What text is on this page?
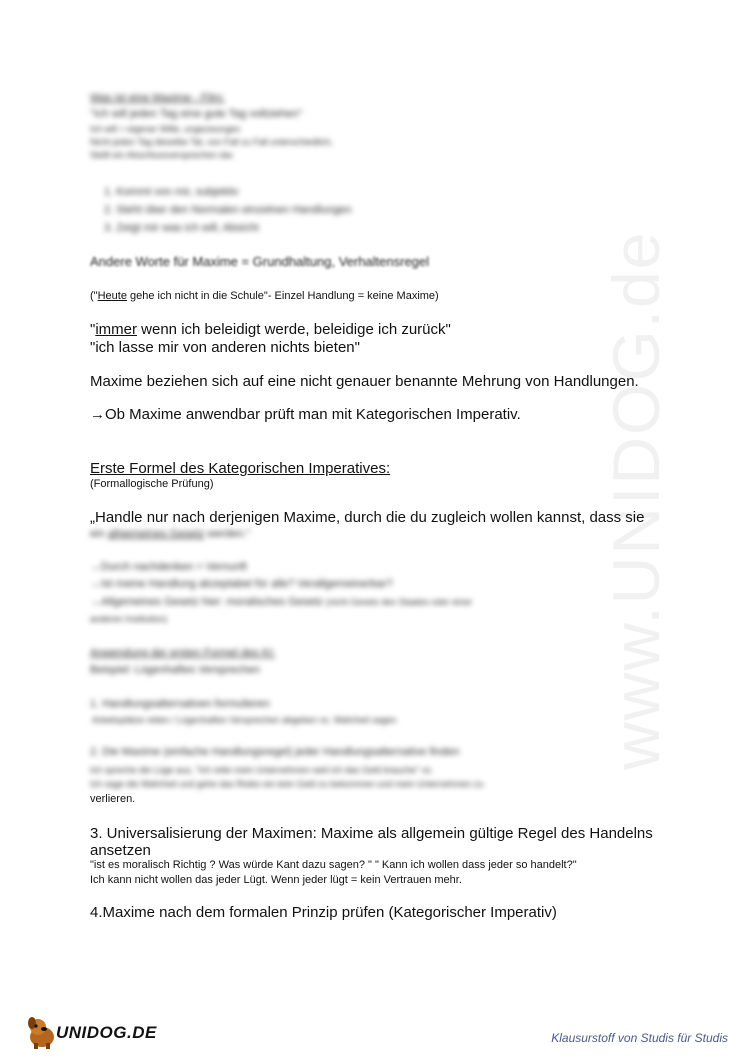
www.UNIDOG.de
Was ist eine Maxime - Film:
"Ich will jeden Tag eine gute Tag vollziehen"
Ich will = eigener Wille, ungezwungen
Nicht jeden Tag dieselbe Tat, von Fall zu Fall unterschiedlich,
Stellt ein Abschlussversprechen dar.
1. Kommt von mir, subjektiv
2. Steht über den Normalen einzelnen Handlungen
3. Zeigt mir was ich will, Absicht
Andere Worte für Maxime = Grundhaltung, Verhaltensregel
("Heute gehe ich nicht in die Schule"- Einzel Handlung = keine Maxime)
"immer wenn ich beleidigt werde, beleidige ich zurück"
"ich lasse mir von anderen nichts bieten"
Maxime beziehen sich auf eine nicht genauer benannte Mehrung von Handlungen.
→Ob Maxime anwendbar prüft man mit Kategorischen Imperativ.
Erste Formel des Kategorischen Imperatives:
(Formallogische Prüfung)
„Handle nur nach derjenigen Maxime, durch die du zugleich wollen kannst, dass sie
ein allgemeines Gesetz werden."
→Durch nachdenken = Vernunft
→Ist meine Handlung akzeptabel für alle? Verallgemeinerbar?
→Allgemeines Gesetz hier: moralisches Gesetz (nicht Gesetz des Staates oder einer
anderen Institution)
Anwendung der ersten Formel des KI:
Beispiel: Lügenhaftes Versprechen
1. Handlungsalternativen formulieren
Arbeitsplätze retten / Lügenhaftes Versprechen abgeben vs. Wahrheit sagen
2. Die Maxime (einfache Handlungsregel) jeder Handlungsalternative finden
Ich spreche die Lüge aus, "Ich rette mein Unternehmen weil ich das Geld brauche" vs.
Ich sage die Wahrheit und gehe das Risiko ein kein Geld zu bekommen und mein Unternehmen zu
verlieren.
3. Universalisierung der Maximen: Maxime als allgemein gültige Regel des Handelns
ansetzen
"ist es moralisch Richtig ? Was würde Kant dazu sagen? " " Kann ich wollen dass jeder so handelt?"
Ich kann nicht wollen das jeder Lügt. Wenn jeder lügt = kein Vertrauen mehr.
4.Maxime nach dem formalen Prinzip prüfen (Kategorischer Imperativ)
UNIDOG.DE	Klausurstoff von Studis für Studis
